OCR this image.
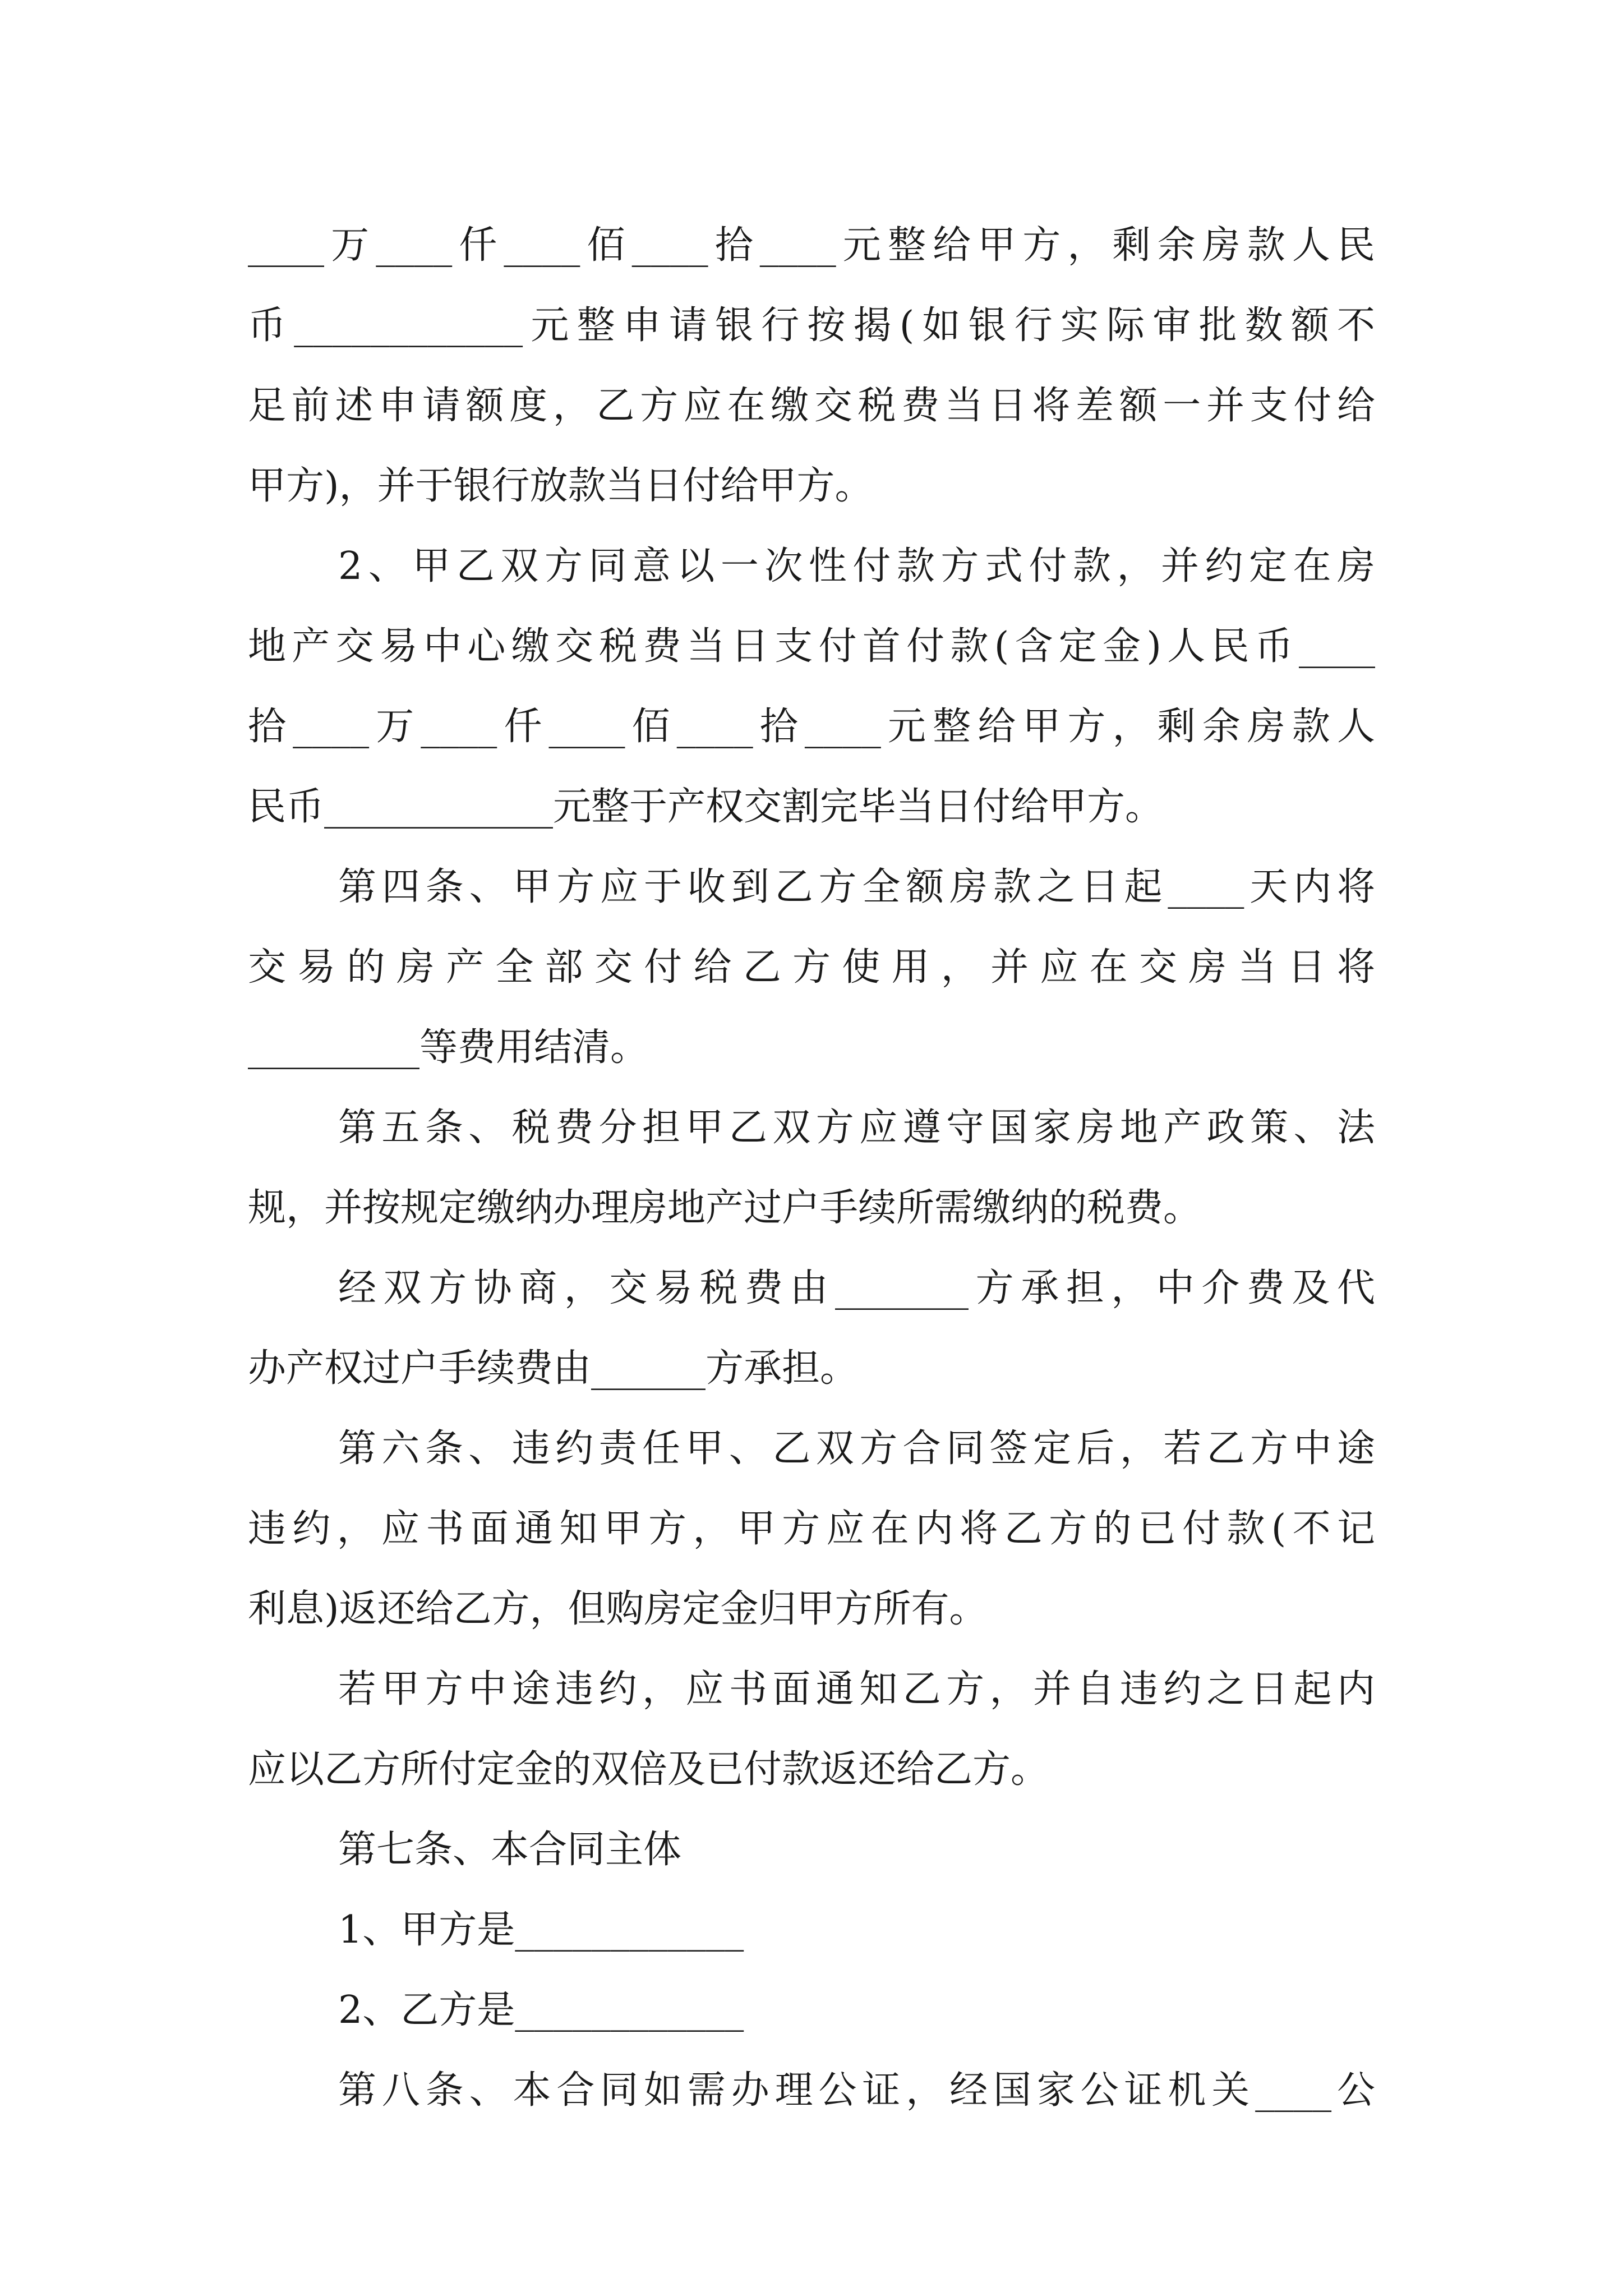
____万____仟____佰____拾____元整给甲方，剩余房款人民
币____________元整申请银行按揭(如银行实际审批数额不
足前述申请额度，乙方应在缴交税费当日将差额一并支付给
甲方)，并于银行放款当日付给甲方。
2、甲乙双方同意以一次性付款方式付款，并约定在房
地产交易中心缴交税费当日支付首付款(含定金)人民币____
拾____万____仟____佰____拾____元整给甲方，剩余房款人
民币____________元整于产权交割完毕当日付给甲方。
第四条、甲方应于收到乙方全额房款之日起____天内将
交易的房产全部交付给乙方使用，并应在交房当日将
_________等费用结清。
第五条、税费分担甲乙双方应遵守国家房地产政策、法
规，并按规定缴纳办理房地产过户手续所需缴纳的税费。
经双方协商，交易税费由_______方承担，中介费及代
办产权过户手续费由______方承担。
第六条、违约责任甲、乙双方合同签定后，若乙方中途
违约，应书面通知甲方，甲方应在内将乙方的已付款(不记
利息)返还给乙方，但购房定金归甲方所有。
若甲方中途违约，应书面通知乙方，并自违约之日起内
应以乙方所付定金的双倍及已付款返还给乙方。
第七条、本合同主体
1、甲方是____________
2、乙方是____________
第八条、本合同如需办理公证，经国家公证机关____公
